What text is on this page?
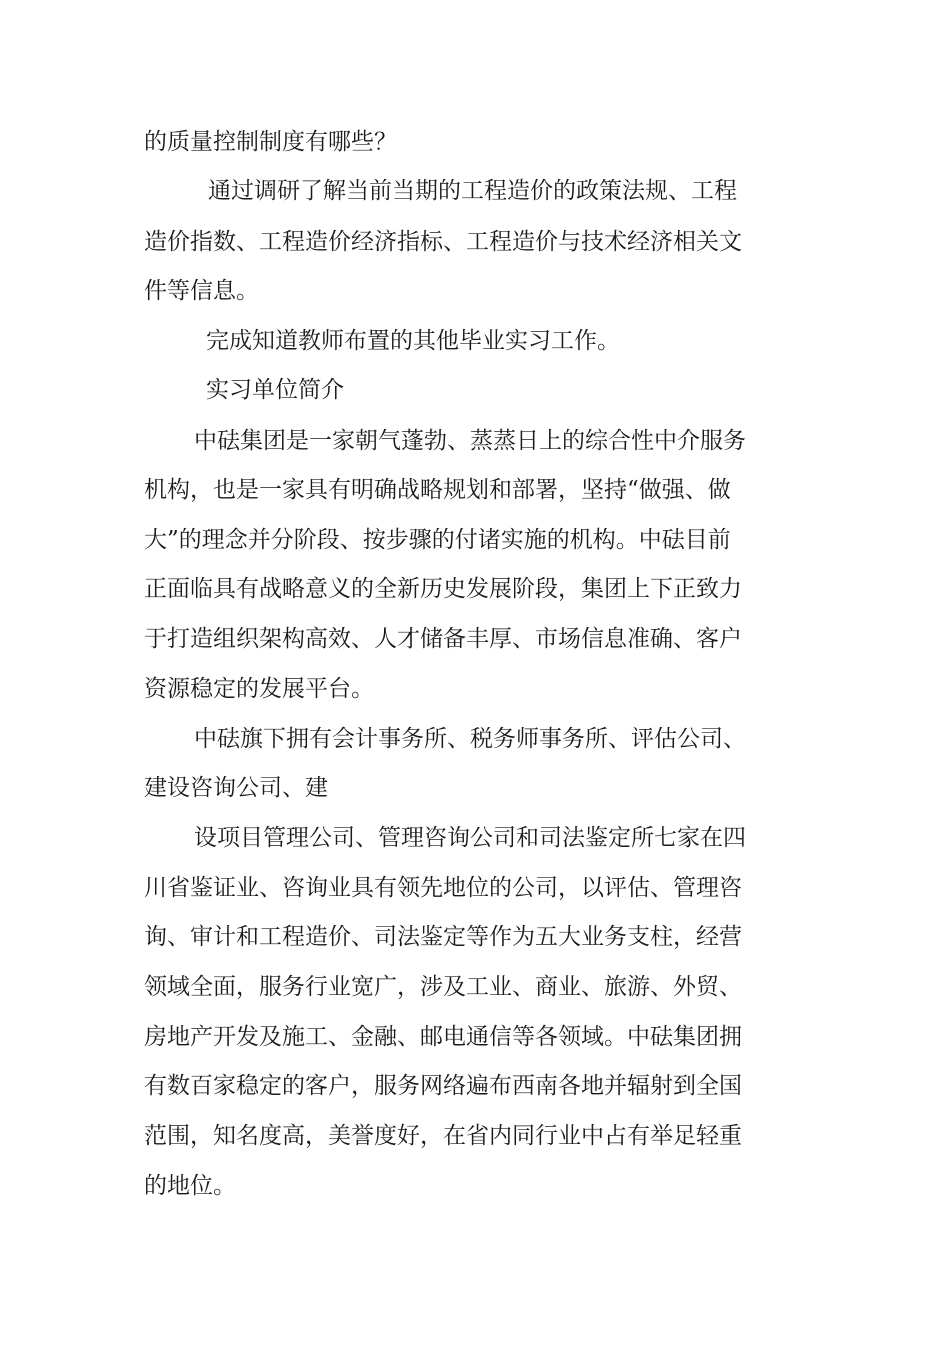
的质量控制制度有哪些？
通过调研了解当前当期的工程造价的政策法规、工程
造价指数、工程造价经济指标、工程造价与技术经济相关文
件等信息。
完成知道教师布置的其他毕业实习工作。
实习单位简介
中砝集团是一家朝气蓬勃、蒸蒸日上的综合性中介服务
机构，也是一家具有明确战略规划和部署，坚持“做强、做
大”的理念并分阶段、按步骤的付诸实施的机构。中砝目前
正面临具有战略意义的全新历史发展阶段，集团上下正致力
于打造组织架构高效、人才储备丰厚、市场信息准确、客户
资源稳定的发展平台。
中砝旗下拥有会计事务所、税务师事务所、评估公司、
建设咨询公司、建
设项目管理公司、管理咨询公司和司法鉴定所七家在四
川省鉴证业、咨询业具有领先地位的公司，以评估、管理咨
询、审计和工程造价、司法鉴定等作为五大业务支柱，经营
领域全面，服务行业宽广，涉及工业、商业、旅游、外贸、
房地产开发及施工、金融、邮电通信等各领域。中砝集团拥
有数百家稳定的客户，服务网络遍布西南各地并辐射到全国
范围，知名度高，美誉度好，在省内同行业中占有举足轻重
的地位。
